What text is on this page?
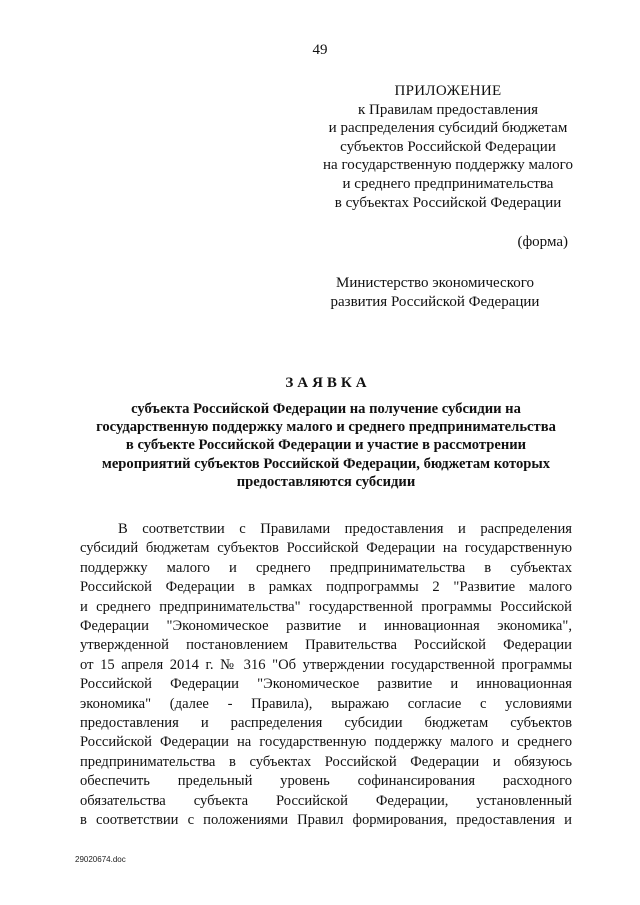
49
ПРИЛОЖЕНИЕ
к Правилам предоставления
и распределения субсидий бюджетам
субъектов Российской Федерации
на государственную поддержку малого
и среднего предпринимательства
в субъектах Российской Федерации
(форма)
Министерство экономического
развития Российской Федерации
ЗАЯВКА
субъекта Российской Федерации на получение субсидии на
государственную поддержку малого и среднего предпринимательства
в субъекте Российской Федерации и участие в рассмотрении
мероприятий субъектов Российской Федерации, бюджетам которых
предоставляются субсидии
В соответствии с Правилами предоставления и распределения
субсидий бюджетам субъектов Российской Федерации на государственную
поддержку малого и среднего предпринимательства в субъектах
Российской Федерации в рамках подпрограммы 2 "Развитие малого
и среднего предпринимательства" государственной программы Российской
Федерации "Экономическое развитие и инновационная экономика",
утвержденной постановлением Правительства Российской Федерации
от 15 апреля 2014 г. № 316 "Об утверждении государственной программы
Российской Федерации "Экономическое развитие и инновационная
экономика" (далее - Правила), выражаю согласие с условиями
предоставления и распределения субсидии бюджетам субъектов
Российской Федерации на государственную поддержку малого и среднего
предпринимательства в субъектах Российской Федерации и обязуюсь
обеспечить предельный уровень софинансирования расходного
обязательства субъекта Российской Федерации, установленный
в соответствии с положениями Правил формирования, предоставления и
29020674.doc
